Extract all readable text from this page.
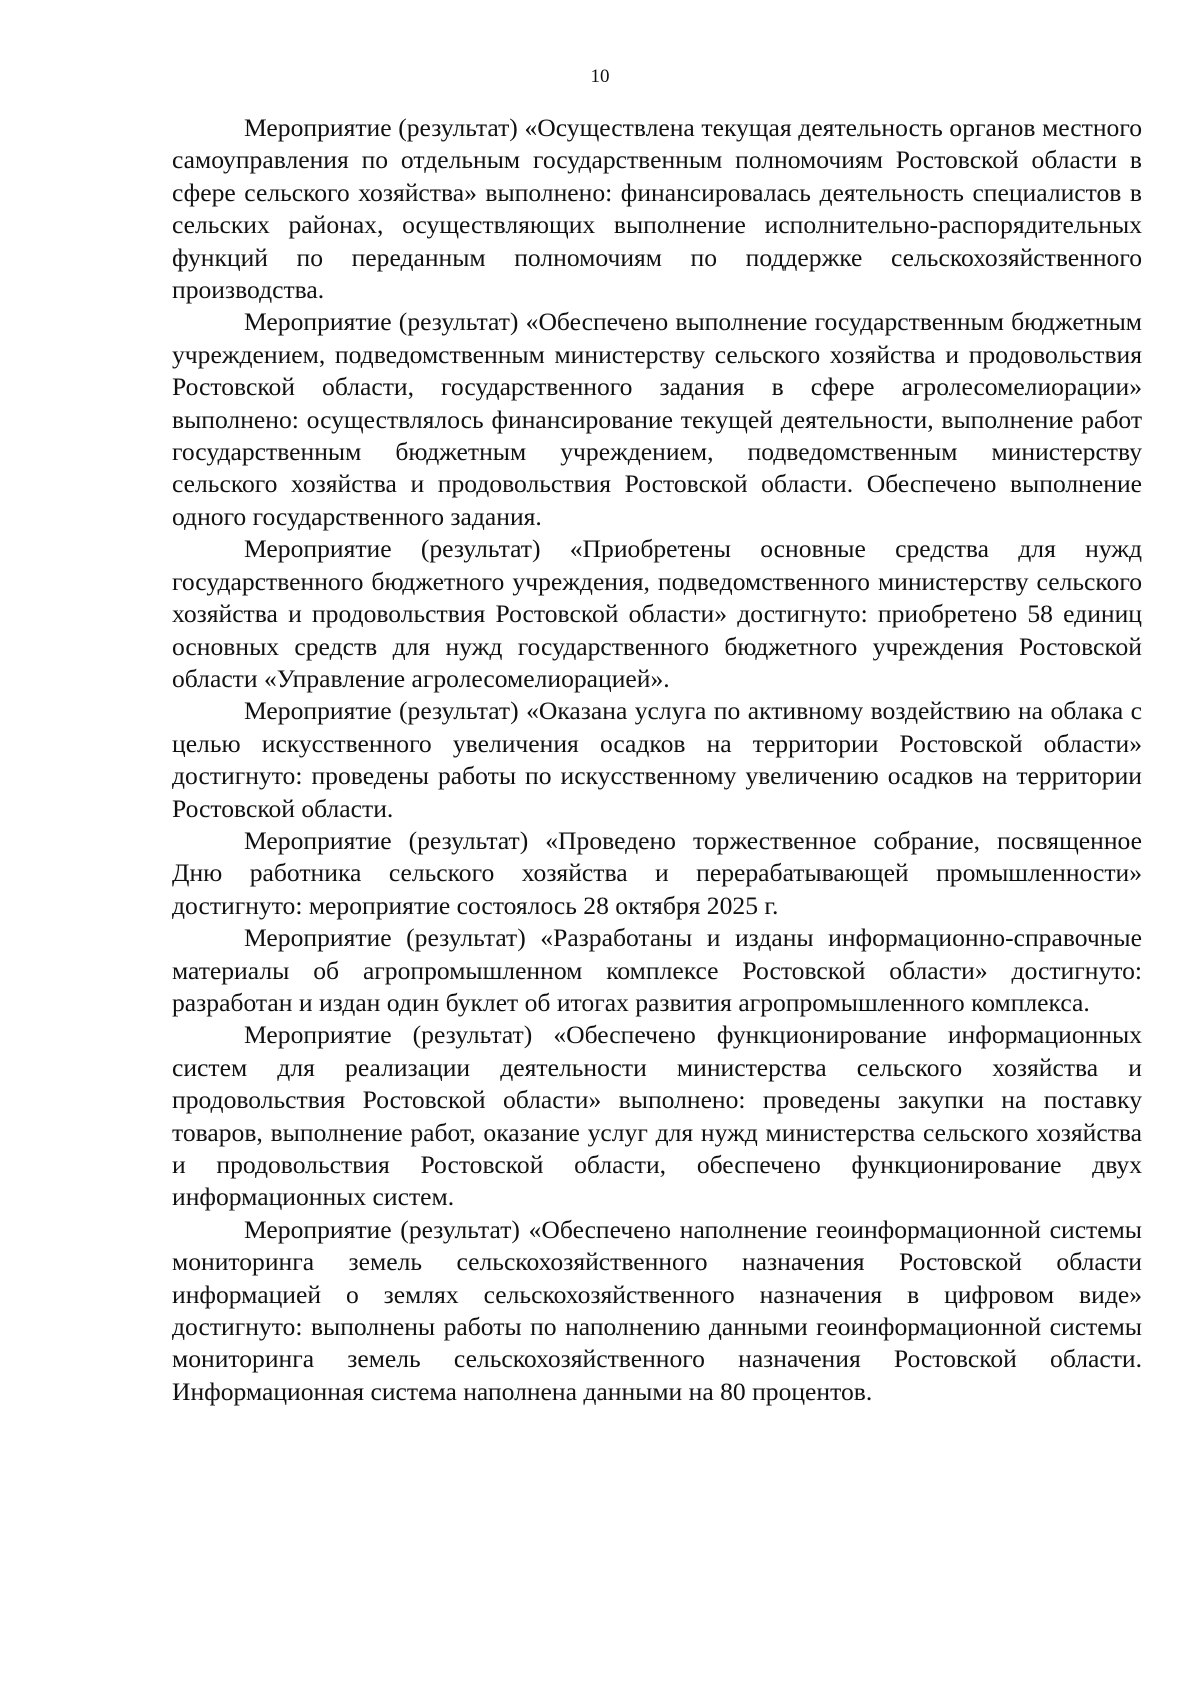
10

Мероприятие (результат) «Осуществлена текущая деятельность органов местного самоуправления по отдельным государственным полномочиям Ростовской области в сфере сельского хозяйства» выполнено: финансировалась деятельность специалистов в сельских районах, осуществляющих выполнение исполнительно-распорядительных функций по переданным полномочиям по поддержке сельскохозяйственного производства.

Мероприятие (результат) «Обеспечено выполнение государственным бюджетным учреждением, подведомственным министерству сельского хозяйства и продовольствия Ростовской области, государственного задания в сфере агролесомелиорации» выполнено: осуществлялось финансирование текущей деятельности, выполнение работ государственным бюджетным учреждением, подведомственным министерству сельского хозяйства и продовольствия Ростовской области. Обеспечено выполнение одного государственного задания.

Мероприятие (результат) «Приобретены основные средства для нужд государственного бюджетного учреждения, подведомственного министерству сельского хозяйства и продовольствия Ростовской области» достигнуто: приобретено 58 единиц основных средств для нужд государственного бюджетного учреждения Ростовской области «Управление агролесомелиорацией».

Мероприятие (результат) «Оказана услуга по активному воздействию на облака с целью искусственного увеличения осадков на территории Ростовской области» достигнуто: проведены работы по искусственному увеличению осадков на территории Ростовской области.

Мероприятие (результат) «Проведено торжественное собрание, посвященное Дню работника сельского хозяйства и перерабатывающей промышленности» достигнуто: мероприятие состоялось 28 октября 2025 г.

Мероприятие (результат) «Разработаны и изданы информационно-справочные материалы об агропромышленном комплексе Ростовской области» достигнуто: разработан и издан один буклет об итогах развития агропромышленного комплекса.

Мероприятие (результат) «Обеспечено функционирование информационных систем для реализации деятельности министерства сельского хозяйства и продовольствия Ростовской области» выполнено: проведены закупки на поставку товаров, выполнение работ, оказание услуг для нужд министерства сельского хозяйства и продовольствия Ростовской области, обеспечено функционирование двух информационных систем.

Мероприятие (результат) «Обеспечено наполнение геоинформационной системы мониторинга земель сельскохозяйственного назначения Ростовской области информацией о землях сельскохозяйственного назначения в цифровом виде» достигнуто: выполнены работы по наполнению данными геоинформационной системы мониторинга земель сельскохозяйственного назначения Ростовской области. Информационная система наполнена данными на 80 процентов.
